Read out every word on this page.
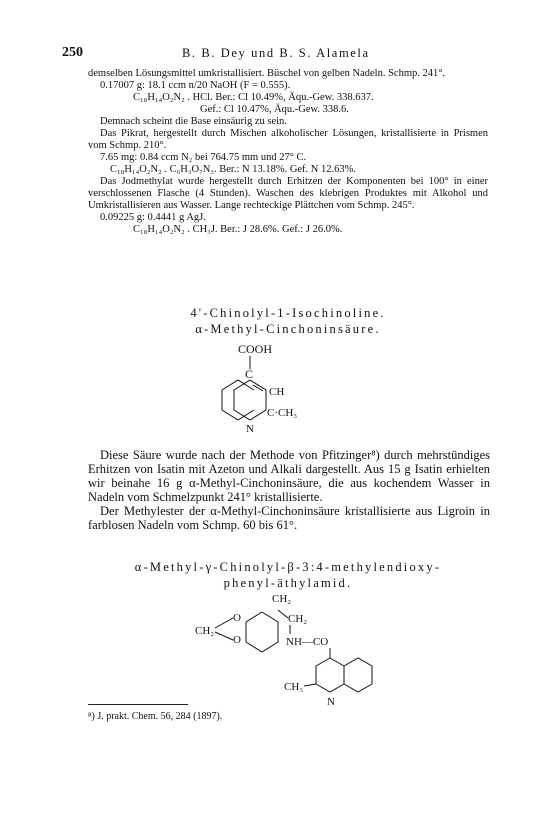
250	B. B. Dey und B. S. Alamela

demselben Lösungsmittel umkristallisiert. Büschel von gelben Nadeln. Schmp. 241°.

0.17007 g: 18.1 ccm n/20 NaOH (F = 0.555).

C₁₈H₁₄O₂N₂ . HCl. Ber.: Cl 10.49%, Äqu.-Gew. 338.637.

Gef.: Cl 10.47%, Äqu.-Gew. 338.6.

Demnach scheint die Base einsäurig zu sein.

Das Pikrat, hergestellt durch Mischen alkoholischer Lösungen, kristallisierte in Prismen vom Schmp. 210°.

7.65 mg: 0.84 ccm N₂ bei 764.75 mm und 27° C.

C₁₈H₁₄O₂N₂ . C₆H₃O₇N₃. Ber.: N 13.18%. Gef. N 12.63%.

Das Jodmethylat wurde hergestellt durch Erhitzen der Komponenten bei 100° in einer verschlossenen Flasche (4 Stunden). Waschen des klebrigen Produktes mit Alkohol und Umkristallisieren aus Wasser. Lange rechteckige Plättchen vom Schmp. 245°.

0.09225 g: 0.4441 g AgJ.

C₁₈H₁₄O₂N₂ . CH₃J. Ber.: J 28.6%. Gef.: J 26.0%.

4'-Chinolyl-1-Isochinoline.
α-Methyl-Cinchoninsäure.
COOH
C
CH
C·CH₃
N

Diese Säure wurde nach der Methode von Pfitzinger⁸) durch mehrstündiges Erhitzen von Isatin mit Azeton und Alkali dargestellt. Aus 15 g Isatin erhielten wir beinahe 16 g α-Methyl-Cinchoninsäure, die aus kochendem Wasser in Nadeln vom Schmelzpunkt 241° kristallisierte.

Der Methylester der α-Methyl-Cinchoninsäure kristallisierte aus Ligroin in farblosen Nadeln vom Schmp. 60 bis 61°.

α-Methyl-γ-Chinolyl-β-3:4-methylendioxy-
phenyl-äthylamid.
CH₂
O
O
CH₂
CH₂
NH—CO
CH₃
N
⁸) J. prakt. Chem. 56, 284 (1897).
